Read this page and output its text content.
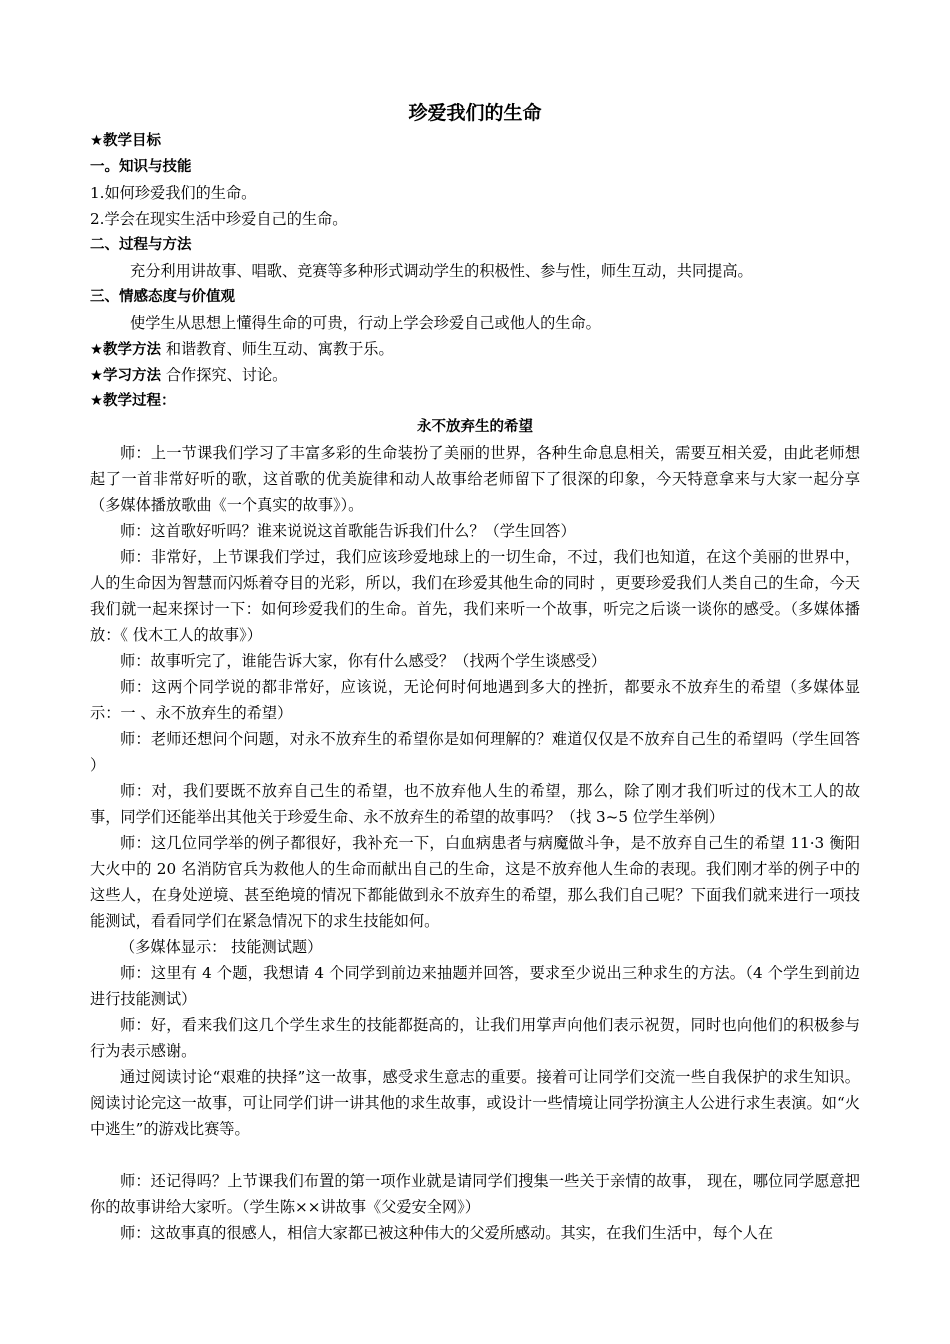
珍爱我们的生命
★教学目标
一。知识与技能
1.如何珍爱我们的生命。
2.学会在现实生活中珍爱自己的生命。
二、过程与方法
充分利用讲故事、唱歌、竞赛等多种形式调动学生的积极性、参与性，师生互动，共同提高。
三、情感态度与价值观
使学生从思想上懂得生命的可贵，行动上学会珍爱自己或他人的生命。
★教学方法 和谐教育、师生互动、寓教于乐。
★学习方法 合作探究、讨论。
★教学过程：
永不放弃生的希望
师：上一节课我们学习了丰富多彩的生命装扮了美丽的世界，各种生命息息相关，需要互相关爱，由此老师想起了一首非常好听的歌，这首歌的优美旋律和动人故事给老师留下了很深的印象，今天特意拿来与大家一起分享（多媒体播放歌曲《一个真实的故事》）。
师：这首歌好听吗？谁来说说这首歌能告诉我们什么？（学生回答）
师：非常好，上节课我们学过，我们应该珍爱地球上的一切生命，不过，我们也知道，在这个美丽的世界中，人的生命因为智慧而闪烁着夺目的光彩，所以，我们在珍爱其他生命的同时 ，更要珍爱我们人类自己的生命，今天我们就一起来探讨一下：如何珍爱我们的生命。首先，我们来听一个故事，听完之后谈一谈你的感受。（多媒体播放：《 伐木工人的故事》）
师：故事听完了，谁能告诉大家，你有什么感受？（找两个学生谈感受）
师：这两个同学说的都非常好，应该说，无论何时何地遇到多大的挫折，都要永不放弃生的希望（多媒体显示：一 、永不放弃生的希望）
师：老师还想问个问题，对永不放弃生的希望你是如何理解的？难道仅仅是不放弃自己生的希望吗（学生回答 ）
师：对，我们要既不放弃自己生的希望，也不放弃他人生的希望，那么，除了刚才我们听过的伐木工人的故事，同学们还能举出其他关于珍爱生命、永不放弃生的希望的故事吗？（找 3~5 位学生举例）
师：这几位同学举的例子都很好，我补充一下，白血病患者与病魔做斗争，是不放弃自己生的希望 11·3 衡阳大火中的 20 名消防官兵为救他人的生命而献出自己的生命，这是不放弃他人生命的表现。我们刚才举的例子中的这些人，在身处逆境、甚至绝境的情况下都能做到永不放弃生的希望，那么我们自己呢？下面我们就来进行一项技能测试，看看同学们在紧急情况下的求生技能如何。
（多媒体显示： 技能测试题）
师：这里有 4 个题，我想请 4 个同学到前边来抽题并回答，要求至少说出三种求生的方法。（4 个学生到前边进行技能测试）
师：好，看来我们这几个学生求生的技能都挺高的，让我们用掌声向他们表示祝贺，同时也向他们的积极参与行为表示感谢。
通过阅读讨论“艰难的抉择”这一故事，感受求生意志的重要。接着可让同学们交流一些自我保护的求生知识。阅读讨论完这一故事，可让同学们讲一讲其他的求生故事，或设计一些情境让同学扮演主人公进行求生表演。如“火中逃生”的游戏比赛等。
师：还记得吗？上节课我们布置的第一项作业就是请同学们搜集一些关于亲情的故事， 现在，哪位同学愿意把你的故事讲给大家听。（学生陈××讲故事《父爱安全网》）
师：这故事真的很感人，相信大家都已被这种伟大的父爱所感动。其实，在我们生活中，每个人在
